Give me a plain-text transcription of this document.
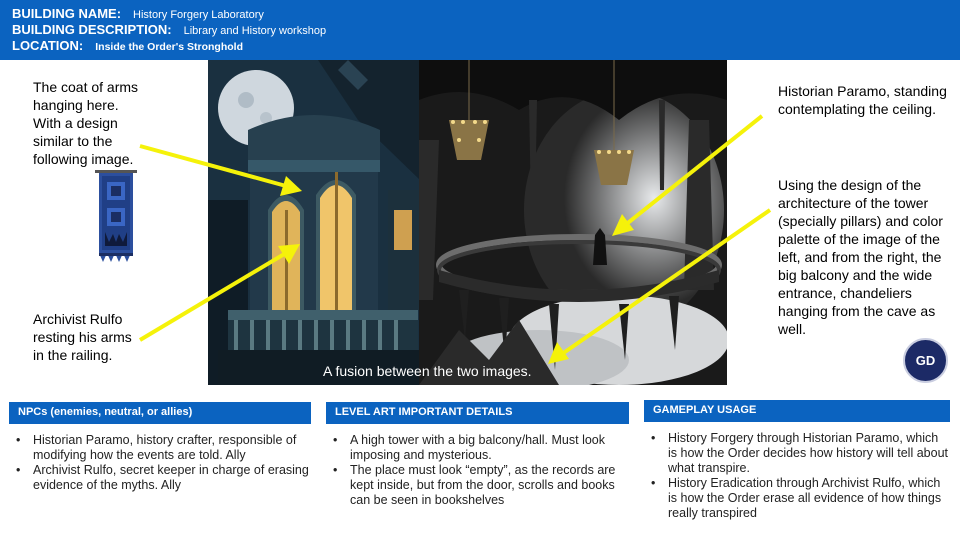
BUILDING NAME: History Forgery Laboratory
BUILDING DESCRIPTION: Library and History workshop
LOCATION: Inside the Order's Stronghold
The coat of arms hanging here. With a design similar to the following image.
Archivist Rulfo resting his arms in the railing.
A fusion between the two images.
Historian Paramo, standing contemplating the ceiling.
Using the design of the architecture of the tower (specially pillars) and color palette of the image of the left, and from the right, the big balcony and the wide entrance, chandeliers hanging from the cave as well.
GD
NPCs (enemies, neutral, or allies)
• Historian Paramo, history crafter, responsible of modifying how the events are told. Ally
• Archivist Rulfo, secret keeper in charge of erasing evidence of the myths. Ally
LEVEL ART IMPORTANT DETAILS
• A high tower with a big balcony/hall. Must look imposing and mysterious.
• The place must look “empty”, as the records are kept inside, but from the door, scrolls and books can be seen in bookshelves
GAMEPLAY USAGE
• History Forgery through Historian Paramo, which is how the Order decides how history will tell about what transpire.
• History Eradication through Archivist Rulfo, which is how the Order erase all evidence of how things really transpired
